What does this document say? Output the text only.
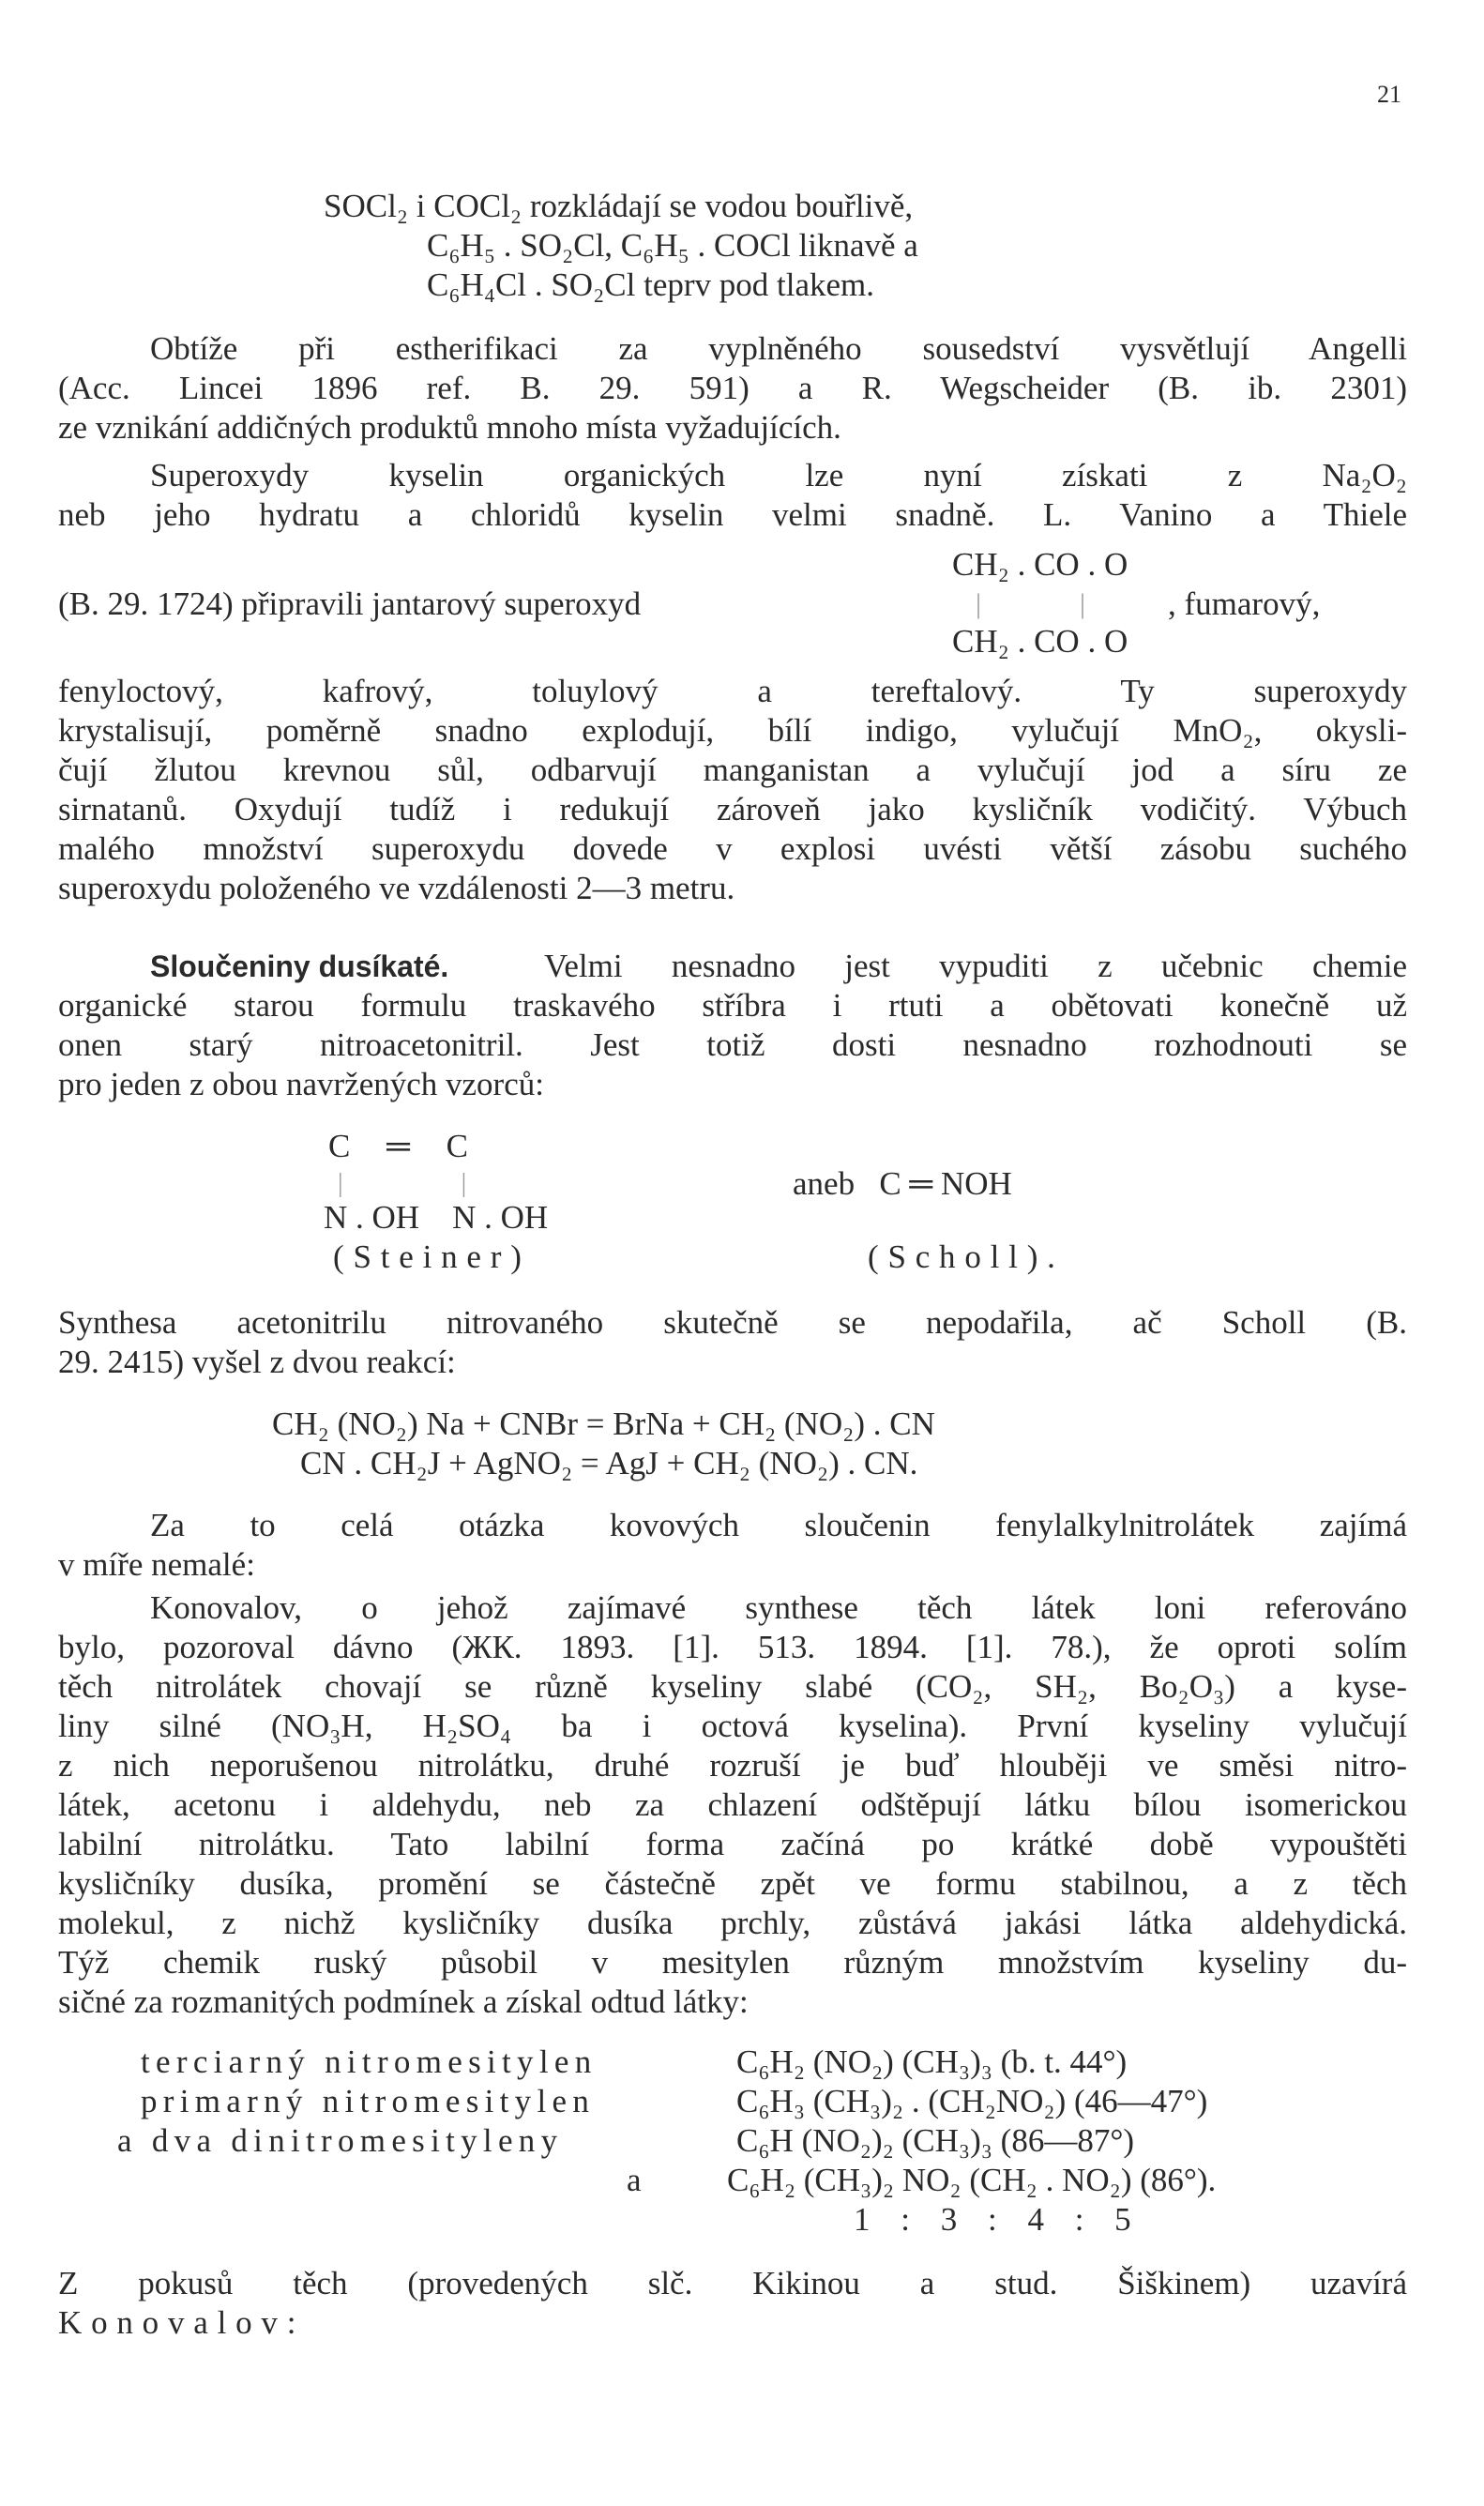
21
SOCl₂ i COCl₂ rozkládají se vodou bouřlivě,
C₆H₅ . SO₂Cl, C₆H₅ . COCl liknavě a
C₆H₄Cl . SO₂Cl teprv pod tlakem.
Obtíže při estherifikaci za vyplněného sousedství vysvětlují Angelli
(Acc. Lincei 1896 ref. B. 29. 591) a R. Wegscheider (B. ib. 2301)
ze vznikání addičných produktů mnoho místa vyžadujících.
Superoxydy kyselin organických lze nyní získati z Na₂O₂
neb jeho hydratu a chloridů kyselin velmi snadně. L. Vanino a Thiele
CH₂ . CO . O
(B. 29. 1724) připravili jantarový superoxyd	|              |	, fumarový,
CH₂ . CO . O
fenyloctový, kafrový, toluylový a tereftalový. Ty superoxydy
krystalisují, poměrně snadno explodují, bílí indigo, vylučují MnO₂, okysli-
čují žlutou krevnou sůl, odbarvují manganistan a vylučují jod a síru ze
sirnatanů. Oxydují tudíž i redukují zároveň jako kysličník vodičitý. Výbuch
malého množství superoxydu dovede v explosi uvésti větší zásobu suchého
superoxydu položeného ve vzdálenosti 2—3 metru.
Sloučeniny dusíkaté.	Velmi nesnadno jest vypuditi z učebnic chemie
organické starou formulu traskavého stříbra i rtuti a obětovati konečně už
onen starý nitroacetonitril. Jest totiž dosti nesnadno rozhodnouti se
pro jeden z obou navržených vzorců:
C ═ C
|                  |
N . OH    N . OH
aneb   C ═ NOH
(Steiner)	(Scholl).
Synthesa acetonitrilu nitrovaného skutečně se nepodařila, ač Scholl (B.
29. 2415) vyšel z dvou reakcí:
CH₂ (NO₂) Na + CNBr = BrNa + CH₂ (NO₂) . CN
CN . CH₂J + AgNO₂ = AgJ + CH₂ (NO₂) . CN.
Za to celá otázka kovových sloučenin fenylalkylnitrolátek zajímá
v míře nemalé:
Konovalov, o jehož zajímavé synthese těch látek loni referováno
bylo, pozoroval dávno (ЖК. 1893. [1]. 513. 1894. [1]. 78.), že oproti solím
těch nitrolátek chovají se různě kyseliny slabé (CO₂, SH₂, Bo₂O₃) a kyse-
liny silné (NO₃H, H₂SO₄ ba i octová kyselina). První kyseliny vylučují
z nich neporušenou nitrolátku, druhé rozruší je buď hlouběji ve směsi nitro-
látek, acetonu i aldehydu, neb za chlazení odštěpují látku bílou isomerickou
labilní nitrolátku. Tato labilní forma začíná po krátké době vypouštěti
kysličníky dusíka, promění se částečně zpět ve formu stabilnou, a z těch
molekul, z nichž kysličníky dusíka prchly, zůstává jakási látka aldehydická.
Týž chemik ruský působil v mesitylen různým množstvím kyseliny du-
sičné za rozmanitých podmínek a získal odtud látky:
terciarný nitromesitylen	C₆H₂ (NO₂) (CH₃)₃ (b. t. 44°)
primarný nitromesitylen	C₆H₃ (CH₃)₂ . (CH₂NO₂) (46—47°)
a dva dinitromesityleny	C₆H (NO₂)₂ (CH₃)₃ (86—87°)
a	C₆H₂ (CH₃)₂ NO₂ (CH₂ . NO₂) (86°).
1 : 3 : 4 : 5
Z pokusů těch (provedených slč. Kikinou a stud. Šiškinem) uzavírá
Konovalov:
